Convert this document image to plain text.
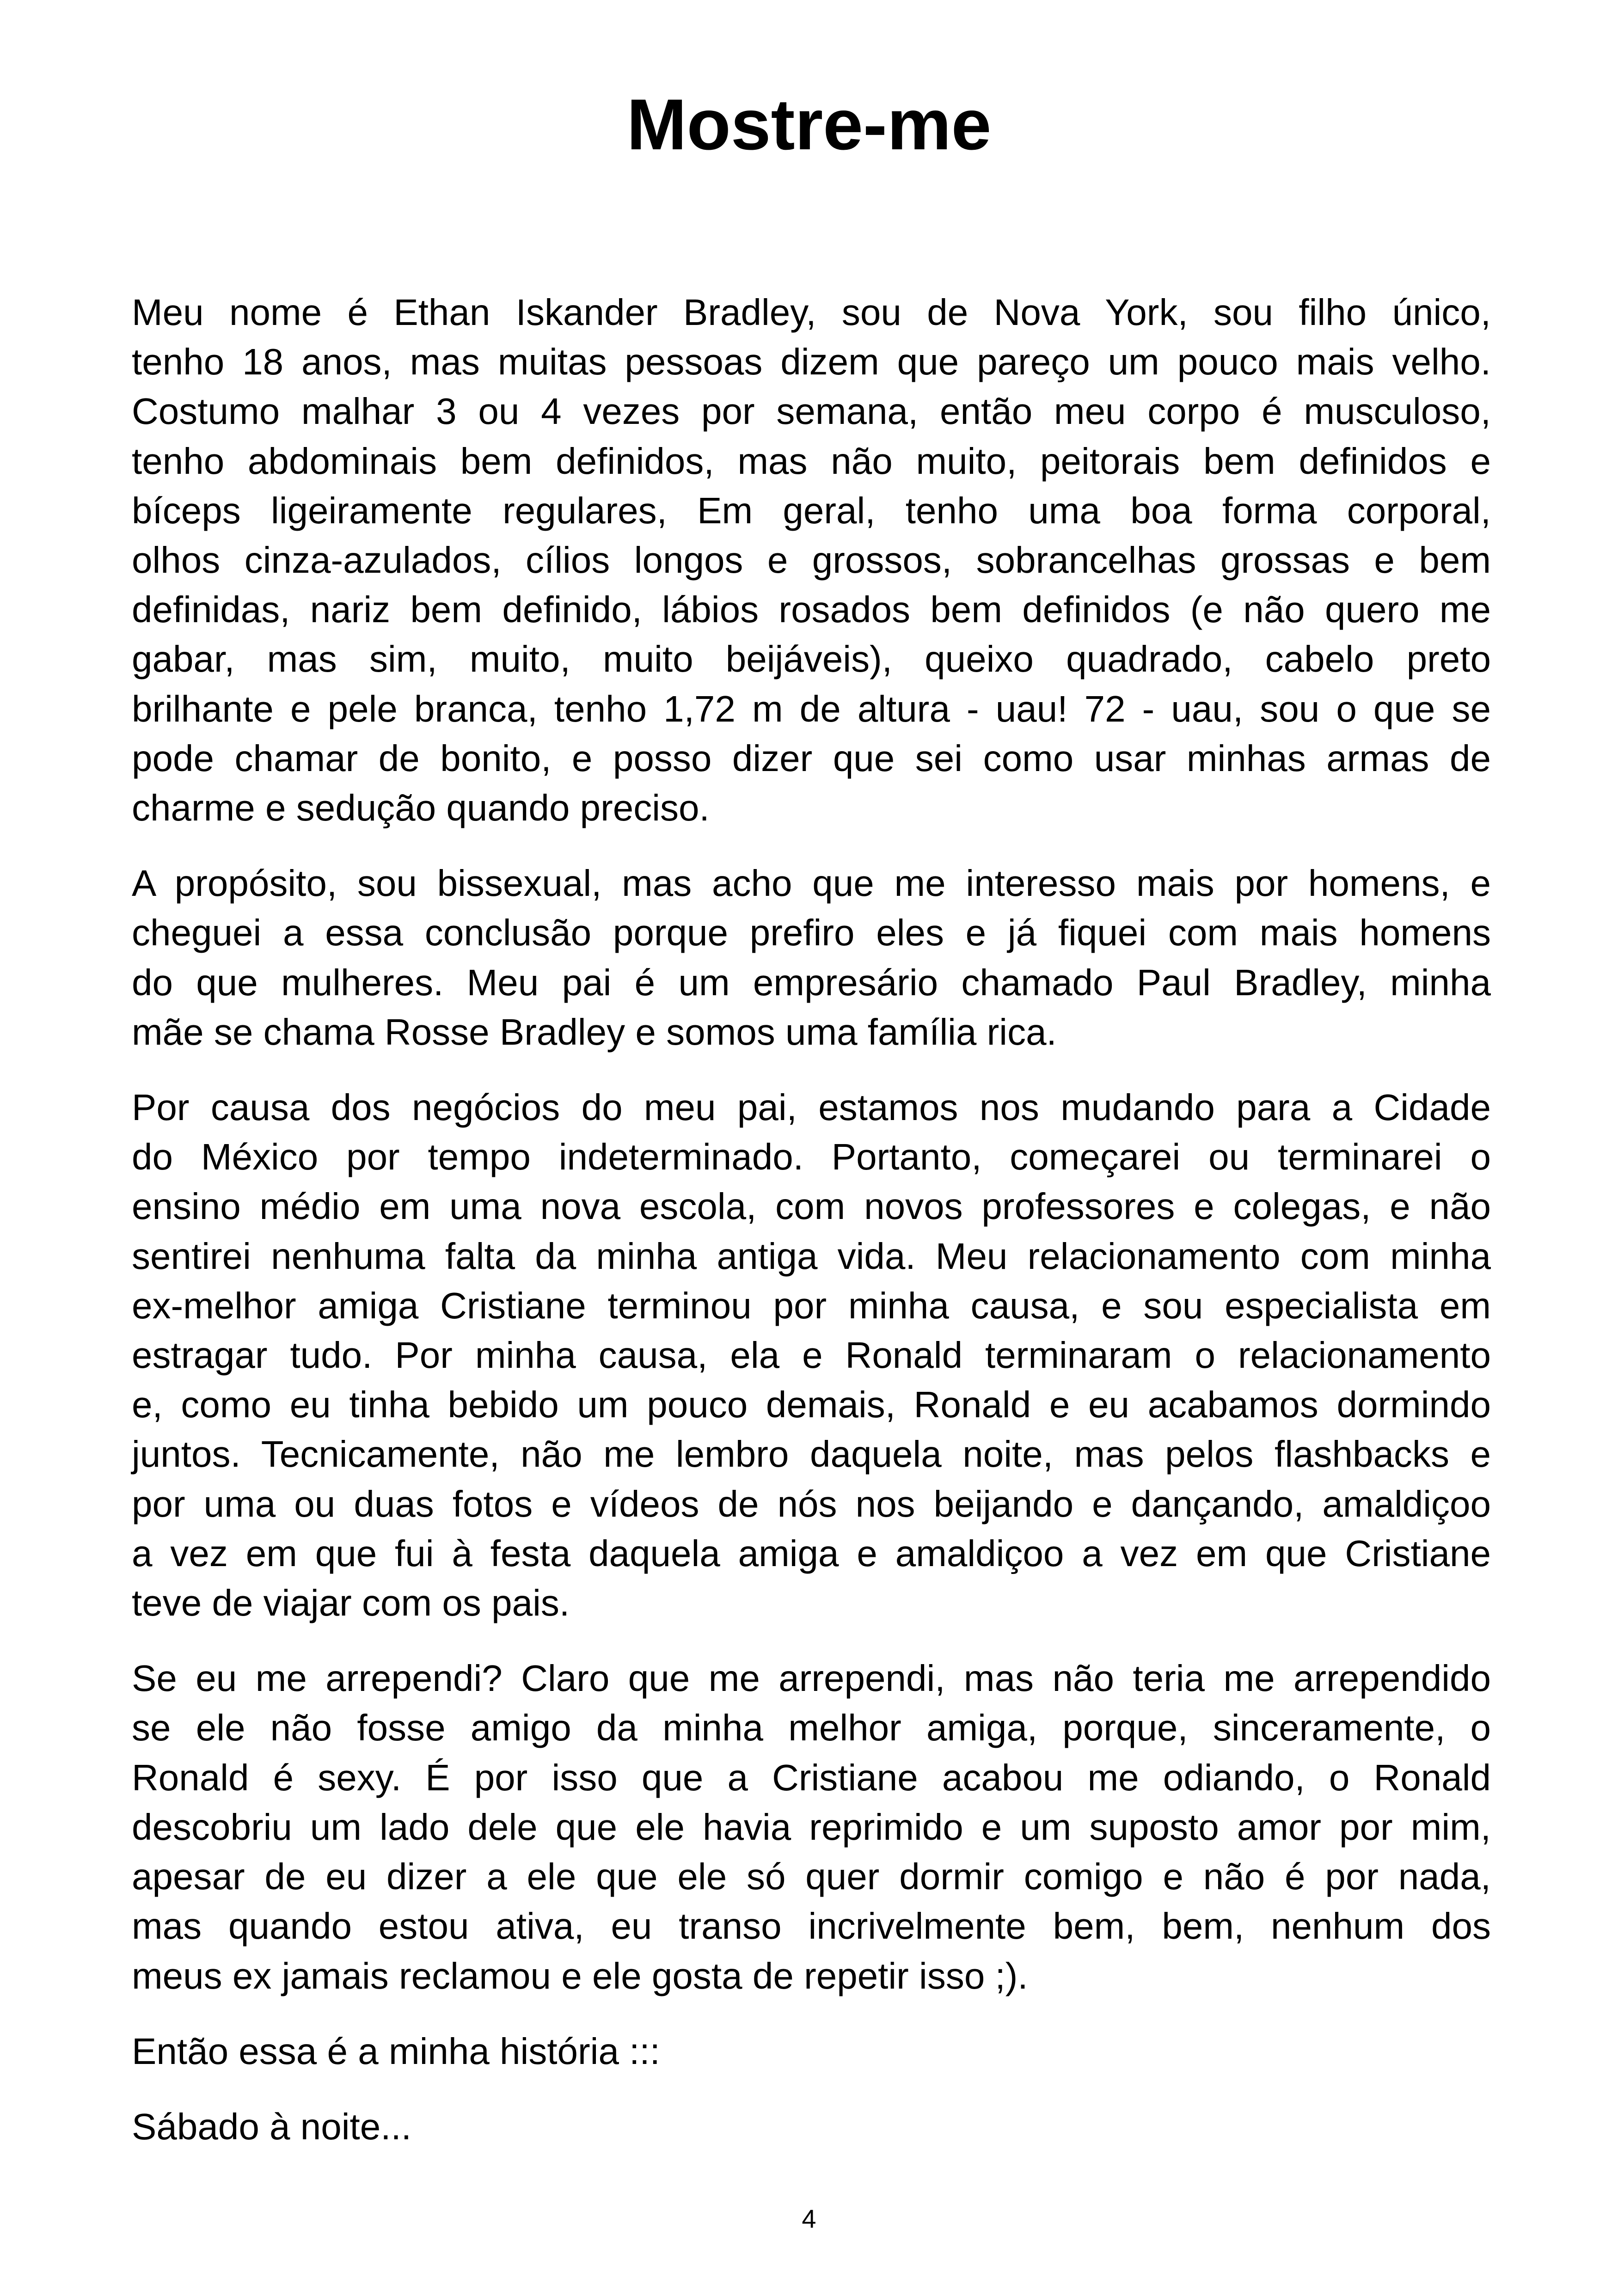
Mostre-me

Meu nome é Ethan Iskander Bradley, sou de Nova York, sou filho único,
tenho 18 anos, mas muitas pessoas dizem que pareço um pouco mais velho.
Costumo malhar 3 ou 4 vezes por semana, então meu corpo é musculoso,
tenho abdominais bem definidos, mas não muito, peitorais bem definidos e
bíceps ligeiramente regulares, Em geral, tenho uma boa forma corporal,
olhos cinza-azulados, cílios longos e grossos, sobrancelhas grossas e bem
definidas, nariz bem definido, lábios rosados bem definidos (e não quero me
gabar, mas sim, muito, muito beijáveis), queixo quadrado, cabelo preto
brilhante e pele branca, tenho 1,72 m de altura - uau! 72 - uau, sou o que se
pode chamar de bonito, e posso dizer que sei como usar minhas armas de
charme e sedução quando preciso.

A propósito, sou bissexual, mas acho que me interesso mais por homens, e
cheguei a essa conclusão porque prefiro eles e já fiquei com mais homens
do que mulheres. Meu pai é um empresário chamado Paul Bradley, minha
mãe se chama Rosse Bradley e somos uma família rica.

Por causa dos negócios do meu pai, estamos nos mudando para a Cidade
do México por tempo indeterminado. Portanto, começarei ou terminarei o
ensino médio em uma nova escola, com novos professores e colegas, e não
sentirei nenhuma falta da minha antiga vida. Meu relacionamento com minha
ex-melhor amiga Cristiane terminou por minha causa, e sou especialista em
estragar tudo. Por minha causa, ela e Ronald terminaram o relacionamento
e, como eu tinha bebido um pouco demais, Ronald e eu acabamos dormindo
juntos. Tecnicamente, não me lembro daquela noite, mas pelos flashbacks e
por uma ou duas fotos e vídeos de nós nos beijando e dançando, amaldiçoo
a vez em que fui à festa daquela amiga e amaldiçoo a vez em que Cristiane
teve de viajar com os pais.

Se eu me arrependi? Claro que me arrependi, mas não teria me arrependido
se ele não fosse amigo da minha melhor amiga, porque, sinceramente, o
Ronald é sexy. É por isso que a Cristiane acabou me odiando, o Ronald
descobriu um lado dele que ele havia reprimido e um suposto amor por mim,
apesar de eu dizer a ele que ele só quer dormir comigo e não é por nada,
mas quando estou ativa, eu transo incrivelmente bem, bem, nenhum dos
meus ex jamais reclamou e ele gosta de repetir isso ;).

Então essa é a minha história :::

Sábado à noite...

4
